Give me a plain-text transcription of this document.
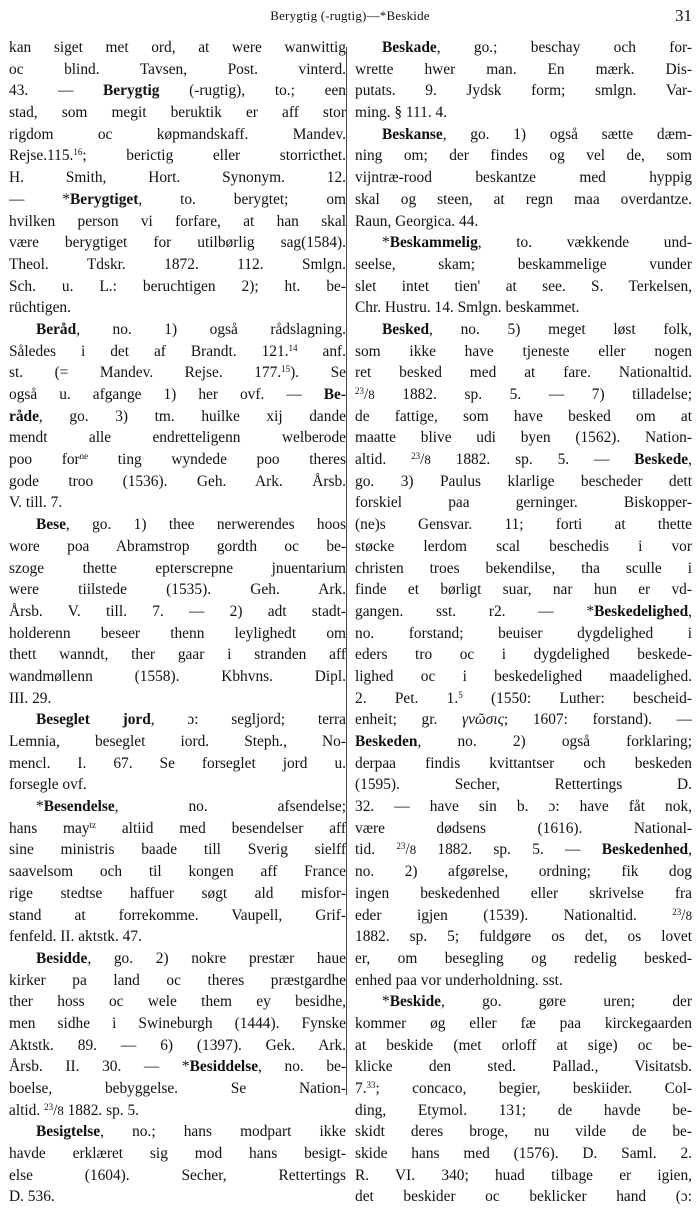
Berygtig (-rugtig)—*Beskide	31
kan siget met ord, at were wanwittig
oc blind. Tavsen, Post. vinterd.
43. — Berygtig (-rugtig), to.; een
stad, som megit beruktik er aff stor
rigdom oc køpmandskaff. Mandev.
Rejse.115.16; berictig eller storricthet.
H. Smith, Hort. Synonym. 12.
— *Berygtiget, to. berygtet; om
hvilken person vi forfare, at han skal
være berygtiget for utilbørlig sag(1584).
Theol. Tdskr. 1872. 112. Smlgn.
Sch. u. L.: beruchtigen 2); ht. be-
rüchtigen.
Beråd, no. 1) også rådslagning.
Således i det af Brandt. 121.14 anf.
st. (= Mandev. Rejse. 177.15). Se
også u. afgange 1) her ovf. — Be-
råde, go. 3) tm. huilke xij dande
mendt alle endretteligenn welberode
poo for$^{ne}$ ting wyndede poo theres
gode troo (1536). Geh. Ark. Årsb.
V. till. 7.
Bese, go. 1) thee nerwerendes hoos
wore poa Abramstrop gordth oc be-
szoge thette epterscrepne jnuentarium
were tiilstede (1535). Geh. Ark.
Årsb. V. till. 7. — 2) adt stadt-
holderenn beseer thenn leylighedt om
thett wanndt, ther gaar i stranden aff
wandmøllenn (1558). Kbhvns. Dipl.
III. 29.
Beseglet jord, ɔ: segljord; terra
Lemnia, beseglet iord. Steph., No-
mencl. I. 67. Se forseglet jord u.
forsegle ovf.
*Besendelse, no. afsendelse;
hans may$^{tz}$ altiid med besendelser aff
sine ministris baade till Sverig sielff
saavelsom och til kongen aff France
rige stedtse haffuer søgt ald misfor-
stand at forrekomme. Vaupell, Grif-
fenfeld. II. aktstk. 47.
Besidde, go. 2) nokre prestær haue
kirker pa land oc theres præstgardhe
ther hoss oc wele them ey besidhe,
men sidhe i Swineburgh (1444). Fynske
Aktstk. 89. — 6) (1397). Gek. Ark.
Årsb. II. 30. — *Besiddelse, no. be-
boelse, bebyggelse. Se Nation-
altid. $^{23}$/8 1882. sp. 5.
Besigtelse, no.; hans modpart ikke
havde erklæret sig mod hans besigt-
else (1604). Secher, Rettertings
D. 536.
Beskade, go.; beschay och for-
wrette hwer man. En mærk. Dis-
putats. 9. Jydsk form; smlgn. Var-
ming. § 111. 4.
Beskanse, go. 1) også sætte dæm-
ning om; der findes og vel de, som
vijntræ-rood beskantze med hyppig
skal og steen, at regn maa overdantze.
Raun, Georgica. 44.
*Beskammelig, to. vækkende und-
seelse, skam; beskammelige vunder
slet intet tien' at see. S. Terkelsen,
Chr. Hustru. 14. Smlgn. beskammet.
Besked, no. 5) meget løst folk,
som ikke have tjeneste eller nogen
ret besked med at fare. Nationaltid.
$^{23}$/8 1882. sp. 5. — 7) tilladelse;
de fattige, som have besked om at
maatte blive udi byen (1562). Nation-
altid. $^{23}$/8 1882. sp. 5. — Beskede,
go. 3) Paulus klarlige bescheder dett
forskiel paa gerninger. Biskopper-
(ne)s Gensvar. 11; forti at thette
støcke lerdom scal beschedis i vor
christen troes bekendilse, tha sculle i
finde et børligt suar, nar hun er vd-
gangen. sst. r2. — *Beskedelighed,
no. forstand; beuiser dygdelighed i
eders tro oc i dygdelighed beskede-
lighed oc i beskedelighed maadelighed.
2. Pet. 1.$^5$ (1550: Luther: bescheid-
enheit; gr. γνῶσις; 1607: forstand). —
Beskeden, no. 2) også forklaring;
derpaa findis kvittantser och beskeden
(1595). Secher, Rettertings D.
32. — have sin b. ɔ: have fåt nok,
være dødsens (1616). National-
tid. $^{23}$/8 1882. sp. 5. — Beskedenhed,
no. 2) afgørelse, ordning; fik dog
ingen beskedenhed eller skrivelse fra
eder igjen (1539). Nationaltid. $^{23}$/8
1882. sp. 5; fuldgøre os det, os lovet
er, om besegling og redelig besked-
enhed paa vor underholdning. sst.
*Beskide, go. gøre uren; der
kommer øg eller fæ paa kirckegaarden
at beskide (met orloff at sige) oc be-
klicke den sted. Pallad., Visitatsb.
7.33; concaco, begier, beskiider. Col-
ding, Etymol. 131; de havde be-
skidt deres broge, nu vilde de be-
skide hans med (1576). D. Saml. 2.
R. VI. 340; huad tilbage er igien,
det beskider oc beklicker hand (ɔ:
